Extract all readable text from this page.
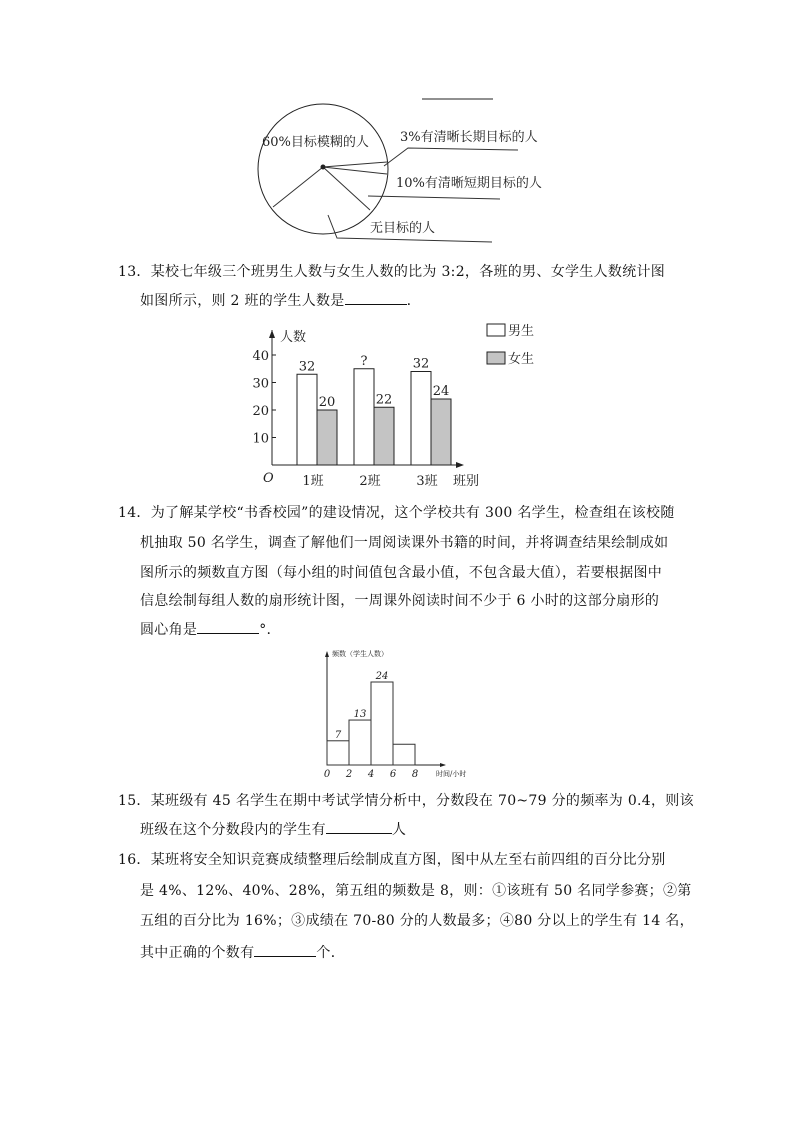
60%目标模糊的人 3%有清晰长期目标的人
10%有清晰短期目标的人
无目标的人
13．某校七年级三个班男生人数与女生人数的比为 3:2，各班的男、女学生人数统计图
如图所示，则 2 班的学生人数是	.
人数
班别
O
10
20
30
40
32
20
1班
?
22
2班
32
24
3班
男生
女生
14．为了解某学校“书香校园”的建设情况，这个学校共有 300 名学生，检查组在该校随
机抽取 50 名学生，调查了解他们一周阅读课外书籍的时间，并将调查结果绘制成如
图所示的频数直方图（每小组的时间值包含最小值，不包含最大值），若要根据图中
信息绘制每组人数的扇形统计图，一周课外阅读时间不少于 6 小时的这部分扇形的
圆心角是	°.
频数（学生人数）
时间/小时
7
13
24
0 2 4 6 8
15．某班级有 45 名学生在期中考试学情分析中，分数段在 70~79 分的频率为 0.4，则该
班级在这个分数段内的学生有	人
16．某班将安全知识竞赛成绩整理后绘制成直方图，图中从左至右前四组的百分比分别
是 4%、12%、40%、28%，第五组的频数是 8，则：①该班有 50 名同学参赛；②第
五组的百分比为 16%；③成绩在 70-80 分的人数最多；④80 分以上的学生有 14 名，
其中正确的个数有	个．
